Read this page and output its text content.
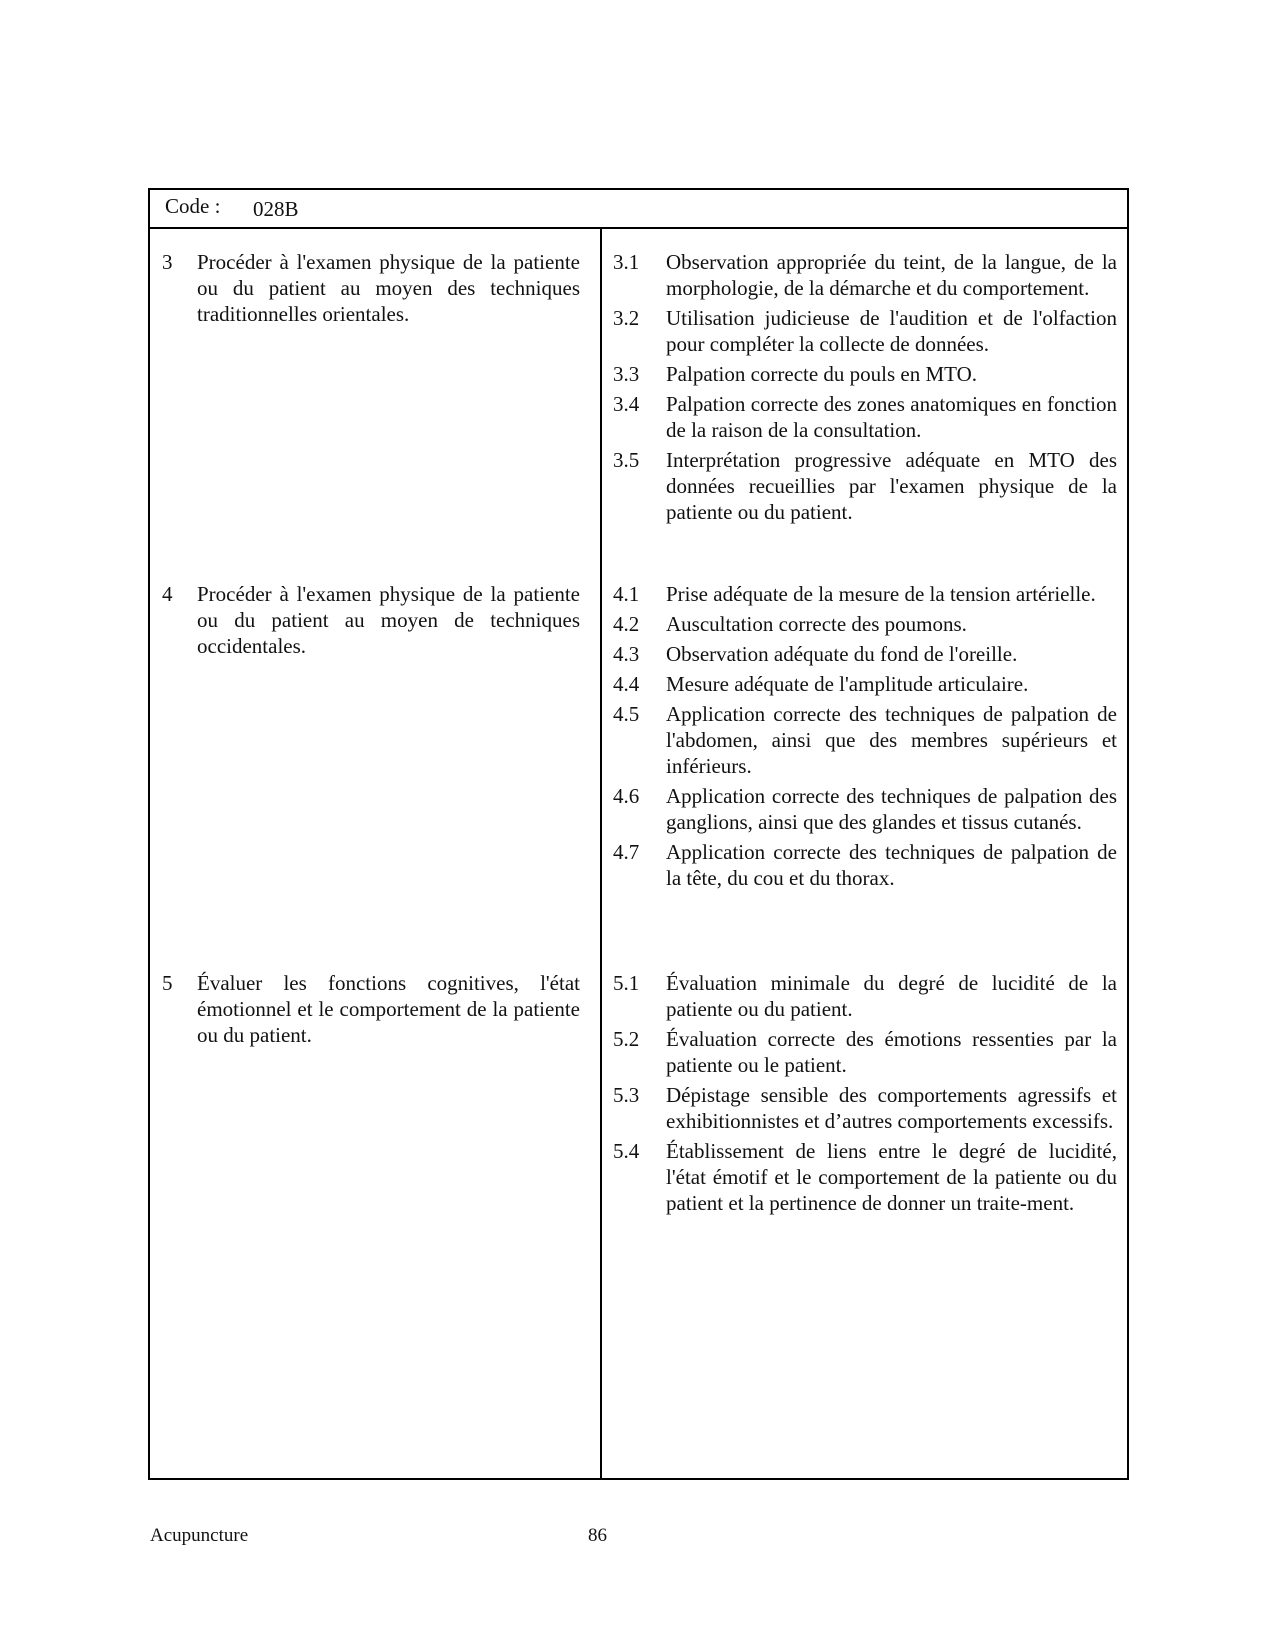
Code : 028B
3	Procéder à l'examen physique de la patiente ou du patient au moyen des techniques traditionnelles orientales.
3.1	Observation appropriée du teint, de la langue, de la morphologie, de la démarche et du comportement.
3.2	Utilisation judicieuse de l'audition et de l'olfaction pour compléter la collecte de données.
3.3	Palpation correcte du pouls en MTO.
3.4	Palpation correcte des zones anatomiques en fonction de la raison de la consultation.
3.5	Interprétation progressive adéquate en MTO des données recueillies par l'examen physique de la patiente ou du patient.
4	Procéder à l'examen physique de la patiente ou du patient au moyen de techniques occidentales.
4.1	Prise adéquate de la mesure de la tension artérielle.
4.2	Auscultation correcte des poumons.
4.3	Observation adéquate du fond de l'oreille.
4.4	Mesure adéquate de l'amplitude articulaire.
4.5	Application correcte des techniques de palpation de l'abdomen, ainsi que des membres supérieurs et inférieurs.
4.6	Application correcte des techniques de palpation des ganglions, ainsi que des glandes et tissus cutanés.
4.7	Application correcte des techniques de palpation de la tête, du cou et du thorax.
5	Évaluer les fonctions cognitives, l'état émotionnel et le comportement de la patiente ou du patient.
5.1	Évaluation minimale du degré de lucidité de la patiente ou du patient.
5.2	Évaluation correcte des émotions ressenties par la patiente ou le patient.
5.3	Dépistage sensible des comportements agressifs et exhibitionnistes et d’autres comportements excessifs.
5.4	Établissement de liens entre le degré de lucidité, l'état émotif et le comportement de la patiente ou du patient et la pertinence de donner un traite-ment.
Acupuncture	86
